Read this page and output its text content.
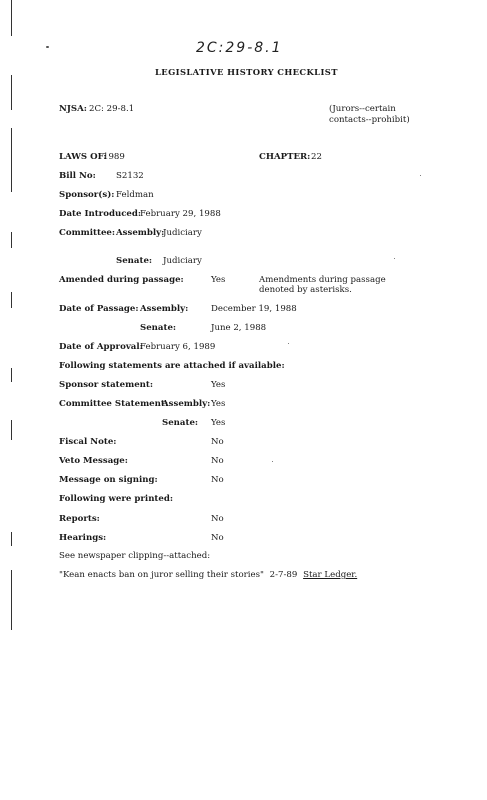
2C:29-8.1
LEGISLATIVE HISTORY CHECKLIST
NJSA: 2C: 29-8.1	(Jurors--certain
contacts--prohibit)
LAWS OF:
1989	CHAPTER: 22
Bill No: S2132
Sponsor(s): Feldman
Date Introduced:
February 29, 1988
Committee: Assembly:
Judiciary
Senate: Judiciary
Amended during passage:	Yes	Amendments during passage
denoted by asterisks.
Date of Passage: Assembly:	December 19, 1988
Senate:	June 2, 1988
Date of Approval:
February 6, 1989
Following statements are attached if available:
Sponsor statement:	Yes
Committee Statement:
Assembly: Yes
Senate: Yes
Fiscal Note:	No
Veto Message:	No
Message on signing:	No
Following were printed:
Reports:	No
Hearings:	No
See newspaper clipping--attached:
"Kean enacts ban on juror selling their stories" 2-7-89 Star Ledger.
